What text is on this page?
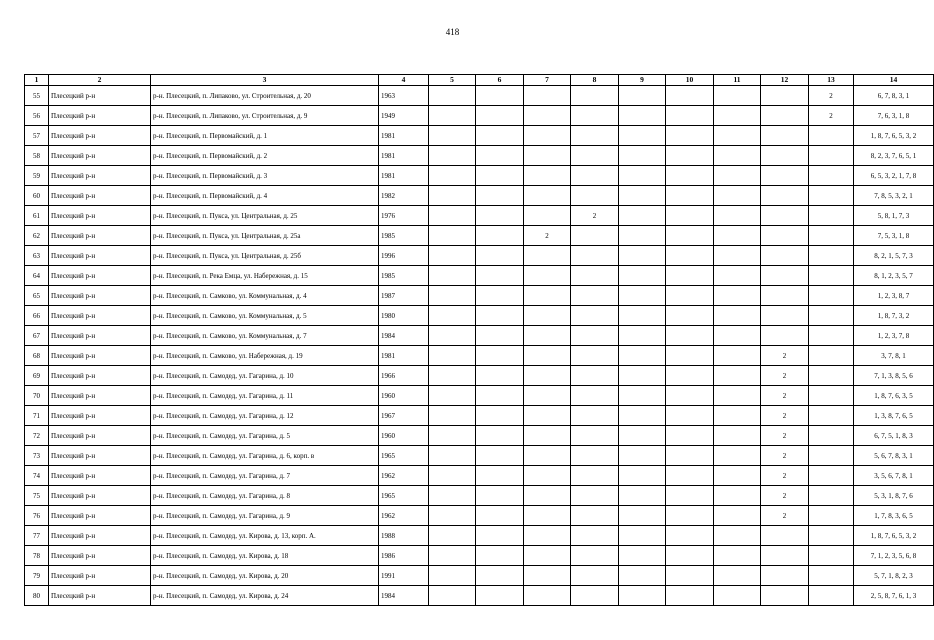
418
1	2	3	4	5	6	7	8	9	10	11	12	13	14
55	Плесецкий р-н	р-н. Плесецкий, п. Липаково, ул. Строительная, д. 20	1963									2	6, 7, 8, 3, 1
56	Плесецкий р-н	р-н. Плесецкий, п. Липаково, ул. Строительная, д. 9	1949									2	7, 6, 3, 1, 8
57	Плесецкий р-н	р-н. Плесецкий, п. Первомайский, д. 1	1981										1, 8, 7, 6, 5, 3, 2
58	Плесецкий р-н	р-н. Плесецкий, п. Первомайский, д. 2	1981										8, 2, 3, 7, 6, 5, 1
59	Плесецкий р-н	р-н. Плесецкий, п. Первомайский, д. 3	1981										6, 5, 3, 2, 1, 7, 8
60	Плесецкий р-н	р-н. Плесецкий, п. Первомайский, д. 4	1982										7, 8, 5, 3, 2, 1
61	Плесецкий р-н	р-н. Плесецкий, п. Пукса, ул. Центральная, д. 25	1976				2						5, 8, 1, 7, 3
62	Плесецкий р-н	р-н. Плесецкий, п. Пукса, ул. Центральная, д. 25а	1985			2							7, 5, 3, 1, 8
63	Плесецкий р-н	р-н. Плесецкий, п. Пукса, ул. Центральная, д. 25б	1996										8, 2, 1, 5, 7, 3
64	Плесецкий р-н	р-н. Плесецкий, п. Река Емца, ул. Набережная, д. 15	1985										8, 1, 2, 3, 5, 7
65	Плесецкий р-н	р-н. Плесецкий, п. Самково, ул. Коммунальная, д. 4	1987										1, 2, 3, 8, 7
66	Плесецкий р-н	р-н. Плесецкий, п. Самково, ул. Коммунальная, д. 5	1980										1, 8, 7, 3, 2
67	Плесецкий р-н	р-н. Плесецкий, п. Самково, ул. Коммунальная, д. 7	1984										1, 2, 3, 7, 8
68	Плесецкий р-н	р-н. Плесецкий, п. Самково, ул. Набережная, д. 19	1981								2		3, 7, 8, 1
69	Плесецкий р-н	р-н. Плесецкий, п. Самодед, ул. Гагарина, д. 10	1966								2		7, 1, 3, 8, 5, 6
70	Плесецкий р-н	р-н. Плесецкий, п. Самодед, ул. Гагарина, д. 11	1960								2		1, 8, 7, 6, 3, 5
71	Плесецкий р-н	р-н. Плесецкий, п. Самодед, ул. Гагарина, д. 12	1967								2		1, 3, 8, 7, 6, 5
72	Плесецкий р-н	р-н. Плесецкий, п. Самодед, ул. Гагарина, д. 5	1960								2		6, 7, 5, 1, 8, 3
73	Плесецкий р-н	р-н. Плесецкий, п. Самодед, ул. Гагарина, д. 6, корп. в	1965								2		5, 6, 7, 8, 3, 1
74	Плесецкий р-н	р-н. Плесецкий, п. Самодед, ул. Гагарина, д. 7	1962								2		3, 5, 6, 7, 8, 1
75	Плесецкий р-н	р-н. Плесецкий, п. Самодед, ул. Гагарина, д. 8	1965								2		5, 3, 1, 8, 7, 6
76	Плесецкий р-н	р-н. Плесецкий, п. Самодед, ул. Гагарина, д. 9	1962								2		1, 7, 8, 3, 6, 5
77	Плесецкий р-н	р-н. Плесецкий, п. Самодед, ул. Кирова, д. 13, корп. А.	1988										1, 8, 7, 6, 5, 3, 2
78	Плесецкий р-н	р-н. Плесецкий, п. Самодед, ул. Кирова, д. 18	1986										7, 1, 2, 3, 5, 6, 8
79	Плесецкий р-н	р-н. Плесецкий, п. Самодед, ул. Кирова, д. 20	1991										5, 7, 1, 8, 2, 3
80	Плесецкий р-н	р-н. Плесецкий, п. Самодед, ул. Кирова, д. 24	1984										2, 5, 8, 7, 6, 1, 3
